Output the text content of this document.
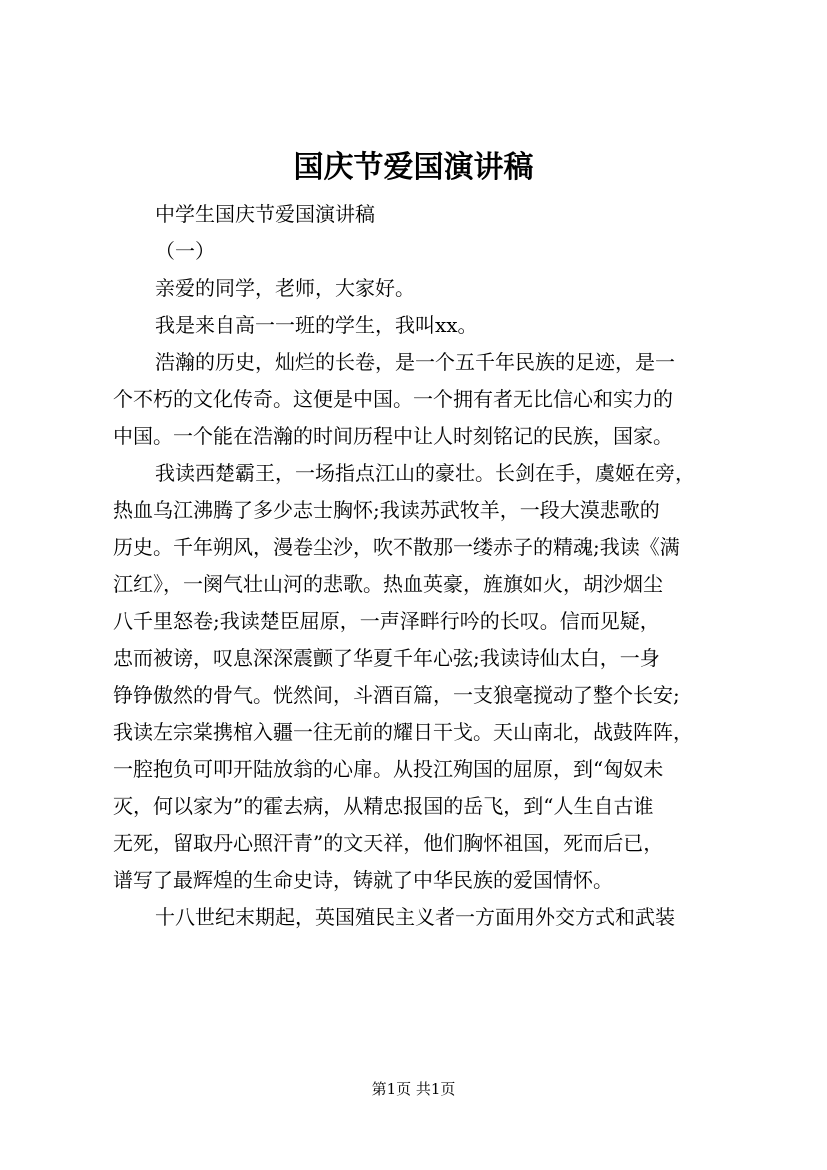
国庆节爱国演讲稿
中学生国庆节爱国演讲稿
（一）
亲爱的同学，老师，大家好。
我是来自高一一班的学生，我叫xx。
浩瀚的历史，灿烂的长卷，是一个五千年民族的足迹，是一
个不朽的文化传奇。这便是中国。一个拥有者无比信心和实力的
中国。一个能在浩瀚的时间历程中让人时刻铭记的民族，国家。
我读西楚霸王，一场指点江山的豪壮。长剑在手，虞姬在旁，
热血乌江沸腾了多少志士胸怀;我读苏武牧羊，一段大漠悲歌的
历史。千年朔风，漫卷尘沙，吹不散那一缕赤子的精魂;我读《满
江红》，一阕气壮山河的悲歌。热血英豪，旌旗如火，胡沙烟尘
八千里怒卷;我读楚臣屈原，一声泽畔行吟的长叹。信而见疑，
忠而被谤，叹息深深震颤了华夏千年心弦;我读诗仙太白，一身
铮铮傲然的骨气。恍然间，斗酒百篇，一支狼毫搅动了整个长安;
我读左宗棠携棺入疆一往无前的耀日干戈。天山南北，战鼓阵阵，
一腔抱负可叩开陆放翁的心扉。从投江殉国的屈原，到“匈奴未
灭，何以家为”的霍去病，从精忠报国的岳飞，到“人生自古谁
无死，留取丹心照汗青”的文天祥，他们胸怀祖国，死而后已，
谱写了最辉煌的生命史诗，铸就了中华民族的爱国情怀。
十八世纪末期起，英国殖民主义者一方面用外交方式和武装
第1页 共1页
